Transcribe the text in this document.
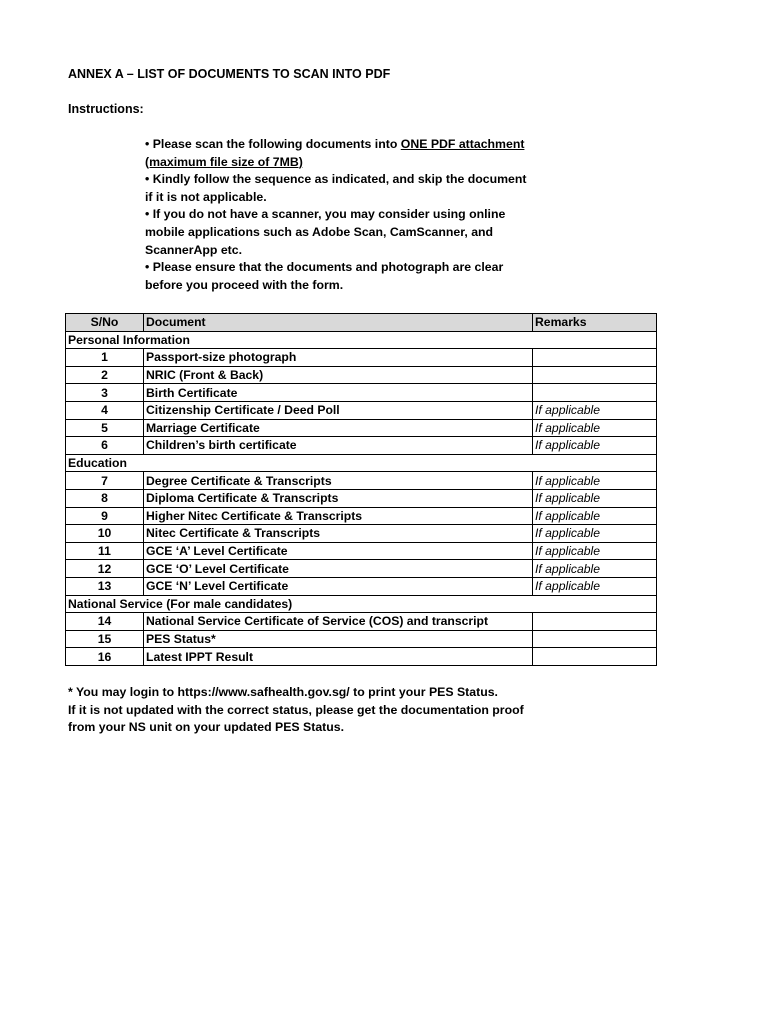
ANNEX A – LIST OF DOCUMENTS TO SCAN INTO PDF
Instructions:

• Please scan the following documents into ONE PDF attachment
(maximum file size of 7MB)

• Kindly follow the sequence as indicated, and skip the document if it is not applicable.

• If you do not have a scanner, you may consider using online mobile applications such as Adobe Scan, CamScanner, and ScannerApp etc.

• Please ensure that the documents and photograph are clear before you proceed with the form.

S/No	Document	Remarks
Personal Information		
1	Passport-size photograph	
2	NRIC (Front & Back)	
3	Birth Certificate	
4	Citizenship Certificate / Deed Poll	If applicable
5	Marriage Certificate	If applicable
6	Children’s birth certificate	If applicable
Education		
7	Degree Certificate & Transcripts	If applicable
8	Diploma Certificate & Transcripts	If applicable
9	Higher Nitec Certificate & Transcripts	If applicable
10	Nitec Certificate & Transcripts	If applicable
11	GCE ‘A’ Level Certificate	If applicable
12	GCE ‘O’ Level Certificate	If applicable
13	GCE ‘N’ Level Certificate	If applicable
National Service (For male candidates)		
14	National Service Certificate of Service (COS) and transcript	
15	PES Status*	
16	Latest IPPT Result	

* You may login to https://www.safhealth.gov.sg/ to print your PES Status.

If it is not updated with the correct status, please get the documentation proof from your NS unit on your updated PES Status.
